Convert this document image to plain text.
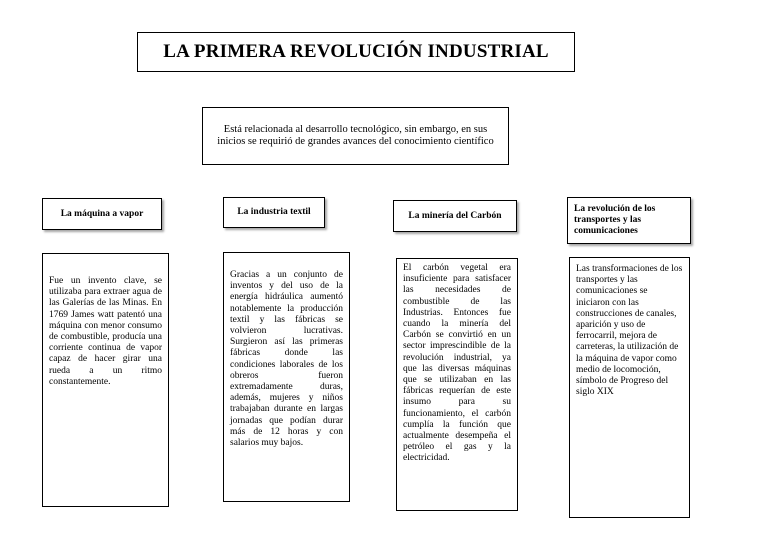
LA PRIMERA REVOLUCIÓN INDUSTRIAL
Está relacionada al desarrollo tecnológico, sin embargo, en sus inicios se requirió de grandes avances del conocimiento científico
La máquina a vapor	La industria textil	La minería del Carbón
La revolución de los transportes y las comunicaciones
Fue un invento clave, se utilizaba para extraer agua de las Galerías de las Minas. En 1769 James watt patentó una máquina con menor consumo de combustible, producía una corriente continua de vapor capaz de hacer girar una rueda a un ritmo constantemente.
Gracias a un conjunto de inventos y del uso de la energía hidráulica aumentó notablemente la producción textil y las fábricas se volvieron lucrativas. Surgieron así las primeras fábricas donde las condiciones laborales de los obreros fueron extremadamente duras, además, mujeres y niños trabajaban durante en largas jornadas que podían durar más de 12 horas y con salarios muy bajos.
El carbón vegetal era insuficiente para satisfacer las necesidades de combustible de las Industrias. Entonces fue cuando la minería del Carbón se convirtió en un sector imprescindible de la revolución industrial, ya que las diversas máquinas que se utilizaban en las fábricas requerían de este insumo para su funcionamiento, el carbón cumplía la función que actualmente desempeña el petróleo el gas y la electricidad.
Las transformaciones de los transportes y las comunicaciones se iniciaron con las construcciones de canales, aparición y uso de ferrocarril, mejora de carreteras, la utilización de la máquina de vapor como medio de locomoción, símbolo de Progreso del siglo XIX
